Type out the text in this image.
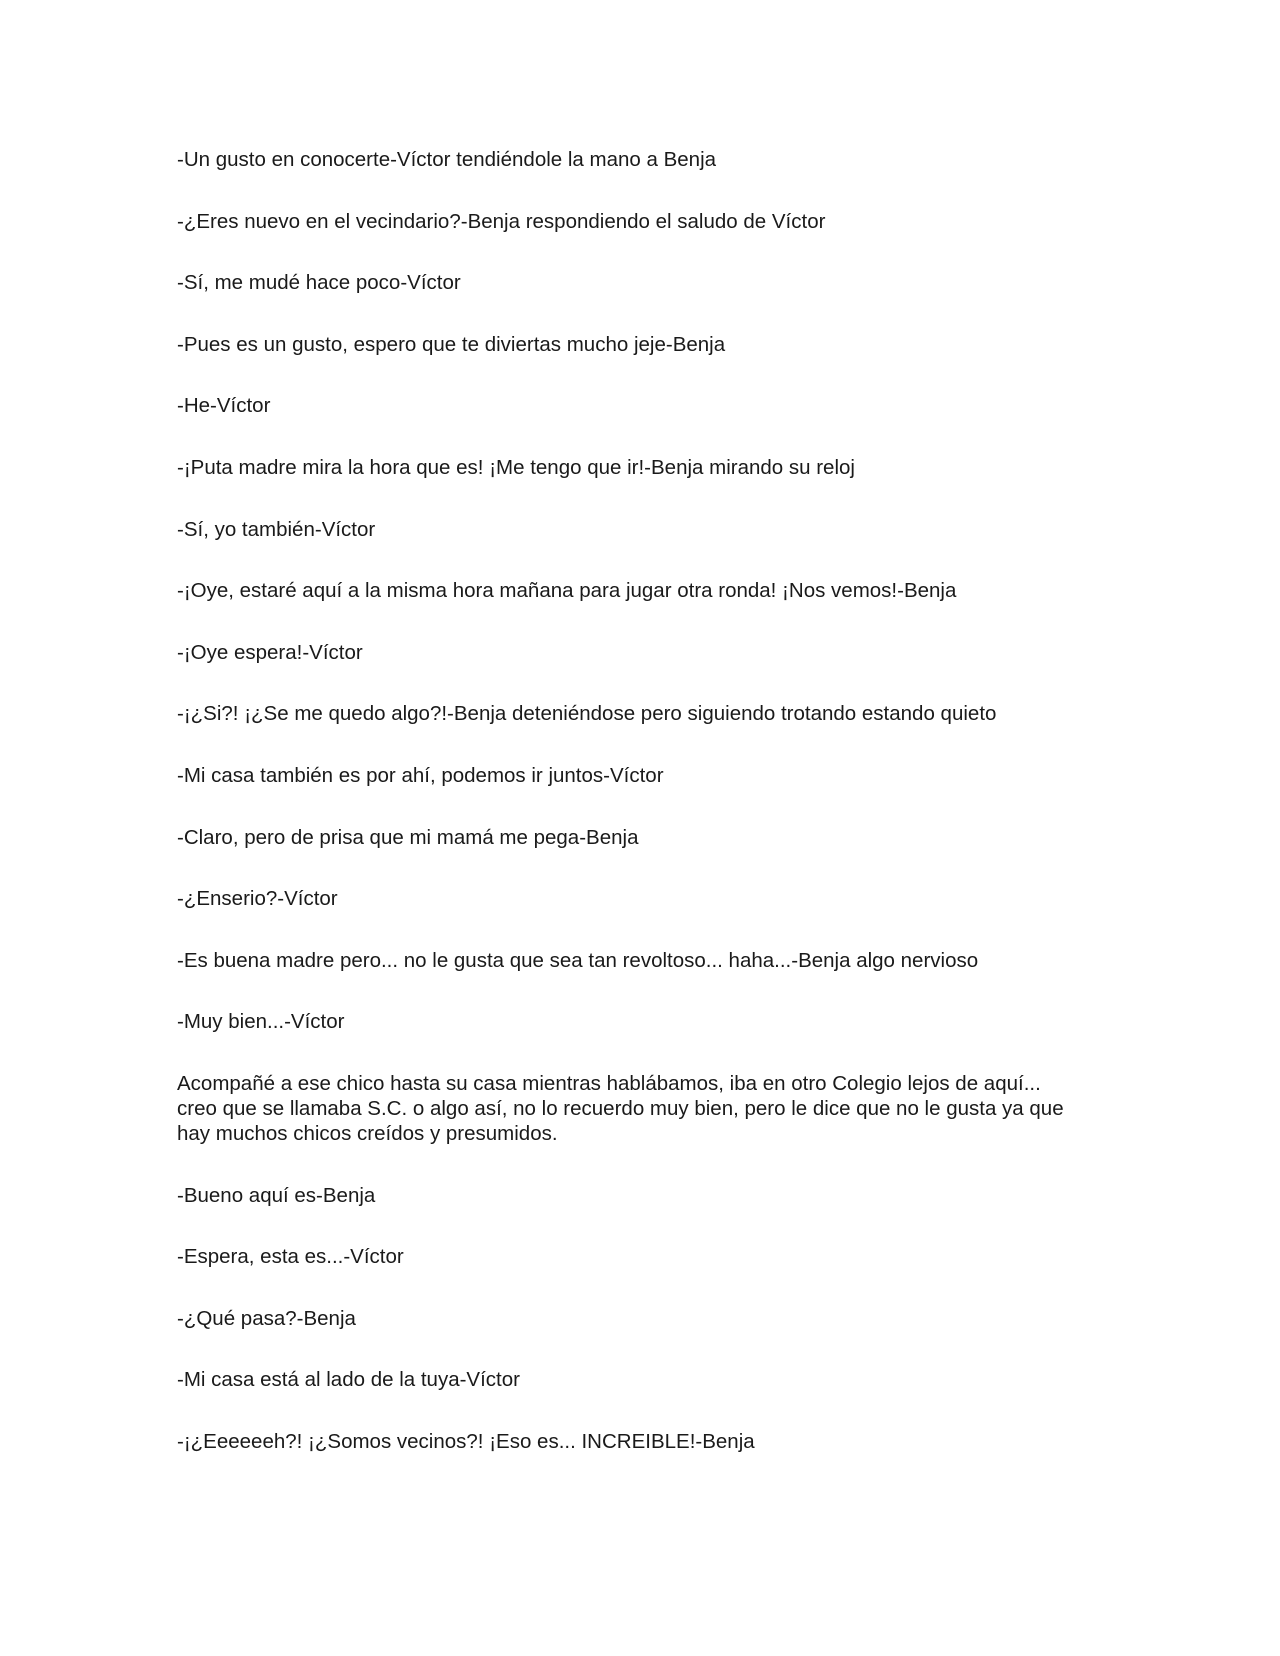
-Un gusto en conocerte-Víctor tendiéndole la mano a Benja

-¿Eres nuevo en el vecindario?-Benja respondiendo el saludo de Víctor

-Sí, me mudé hace poco-Víctor

-Pues es un gusto, espero que te diviertas mucho jeje-Benja

-He-Víctor

-¡Puta madre mira la hora que es! ¡Me tengo que ir!-Benja mirando su reloj

-Sí, yo también-Víctor

-¡Oye, estaré aquí a la misma hora mañana para jugar otra ronda! ¡Nos vemos!-Benja

-¡Oye espera!-Víctor

-¡¿Si?! ¡¿Se me quedo algo?!-Benja deteniéndose pero siguiendo trotando estando quieto

-Mi casa también es por ahí, podemos ir juntos-Víctor

-Claro, pero de prisa que mi mamá me pega-Benja

-¿Enserio?-Víctor

-Es buena madre pero... no le gusta que sea tan revoltoso... haha...-Benja algo nervioso

-Muy bien...-Víctor

Acompañé a ese chico hasta su casa mientras hablábamos, iba en otro Colegio lejos de aquí...
creo que se llamaba S.C. o algo así, no lo recuerdo muy bien, pero le dice que no le gusta ya que
hay muchos chicos creídos y presumidos.

-Bueno aquí es-Benja

-Espera, esta es...-Víctor

-¿Qué pasa?-Benja

-Mi casa está al lado de la tuya-Víctor

-¡¿Eeeeeeh?! ¡¿Somos vecinos?! ¡Eso es... INCREIBLE!-Benja
